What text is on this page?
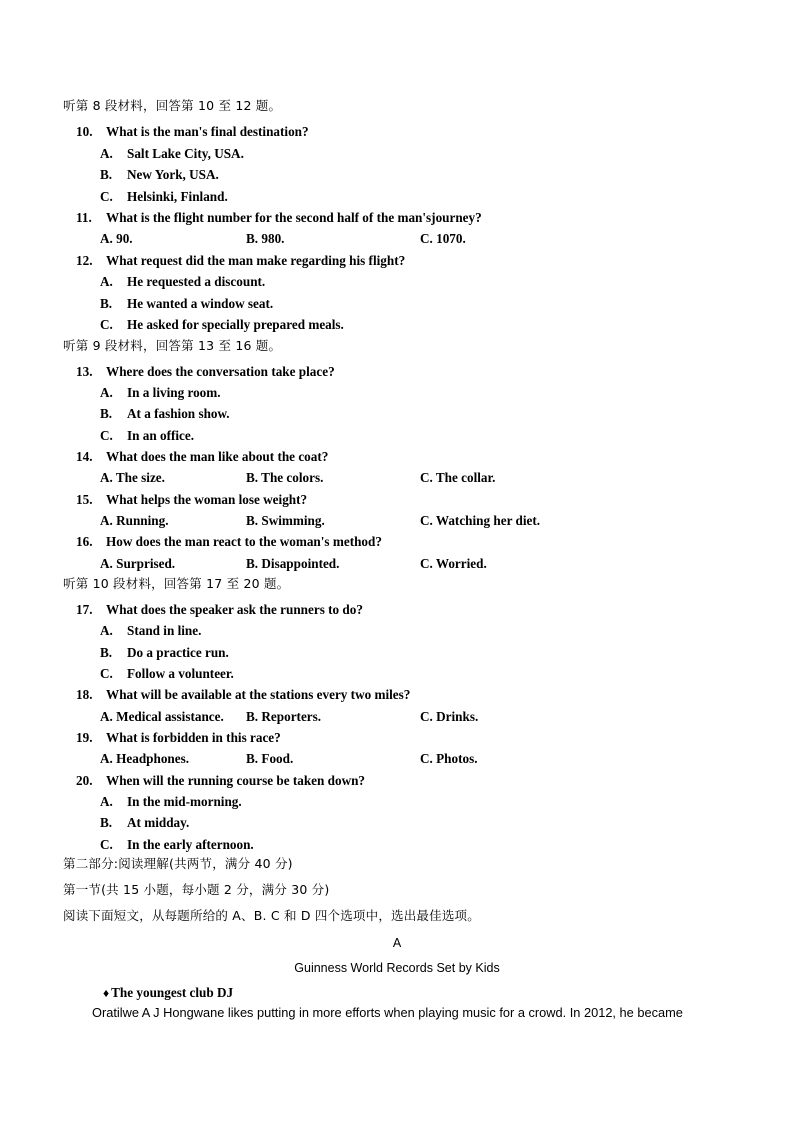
听第 8 段材料，回答第 10 至 12 题。
10. What is the man's final destination?
A. Salt Lake City, USA.
B. New York, USA.
C. Helsinki, Finland.
11. What is the flight number for the second half of the man'sjourney?
A. 90.	B. 980.	C. 1070.
12. What request did the man make regarding his flight?
A. He requested a discount.
B. He wanted a window seat.
C. He asked for specially prepared meals.
听第 9 段材料，回答第 13 至 16 题。
13. Where does the conversation take place?
A. In a living room.
B. At a fashion show.
C. In an office.
14. What does the man like about the coat?
A. The size.	B. The colors.	C. The collar.
15. What helps the woman lose weight?
A. Running.	B. Swimming.	C. Watching her diet.
16. How does the man react to the woman's method?
A. Surprised.	B. Disappointed.	C. Worried.
听第 10 段材料，回答第 17 至 20 题。
17. What does the speaker ask the runners to do?
A. Stand in line.
B. Do a practice run.
C. Follow a volunteer.
18. What will be available at the stations every two miles?
A. Medical assistance. B. Reporters.	C. Drinks.
19. What is forbidden in this race?
A. Headphones.	B. Food.	C. Photos.
20. When will the running course be taken down?
A. In the mid-morning.
B. At midday.
C. In the early afternoon.
第二部分:阅读理解(共两节，满分 40 分)
第一节(共 15 小题，每小题 2 分，满分 30 分)
阅读下面短文，从每题所给的 A、B. C 和 D 四个选项中，选出最佳选项。
A
Guinness World Records Set by Kids
♦ The youngest club DJ
Oratilwe A J Hongwane likes putting in more efforts when playing music for a crowd. In 2012, he became
